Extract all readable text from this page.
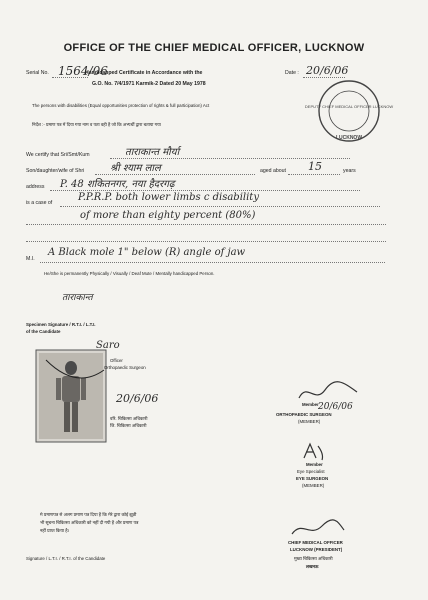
OFFICE OF THE CHIEF MEDICAL OFFICER, LUCKNOW
Serial No. 1564/06
Handicapped Certificate in Accordance with the
G.O. No. 7/4/1971 Karmik-2 Dated 20 May 1978
Date : 20/6/06
DEPUTY CHIEF MEDICAL OFFICER LUCKNOW
LUCKNOW
The persons with disabilities (Equal opportunities protection of rights & full participation) Act
निर्देश :- प्रमाण पत्र में दिया गया नाम व पता वही है जो कि अभ्यर्थी द्वारा बताया गया
We certify that Sri/Smt/Kum	ताराकान्त मौर्या
Son/daughter/wife of Shri	श्री श्याम लाल	aged about 15	years
address P. 48 शकितनगर, नया हैदरगढ़
is a case of	P.P.R.P. both lower limbs c disability
of more than eighty percent (80%)
M.I.
A Black mole 1" below (R) angle of jaw
He/She is permanently Physically / Visually / Deaf Mute / Mentally handicapped Person.
ताराकान्त
Specimen Signature / R.T.I. / L.T.I.
of the Candidate
Saro
Officer
Orthopaedic Surgeon
20/6/06
वरि. चिकित्सा अधिकारी
जि. चिकित्सा अधिकारी
20/6/06
Member
ORTHOPAEDIC SURGEON
(MEMBER)
Member
Eye Specialist
EYE SURGEON
(MEMBER)
मे प्रमाणपत्र से अलग प्रमाण पत्र दिया है कि मेरे द्वारा कोई झूठी
भी सूचना चिकित्सा अधिकारी को नहीं दी गयी है और प्रमाण पत्र
नहीं प्राप्त किया है।
CHIEF MEDICAL OFFICER
LUCKNOW (PRESIDENT)
मुख्य चिकित्सा अधिकारी
लखनऊ
Signature / L.T.I. / R.T.I. of the Candidate
